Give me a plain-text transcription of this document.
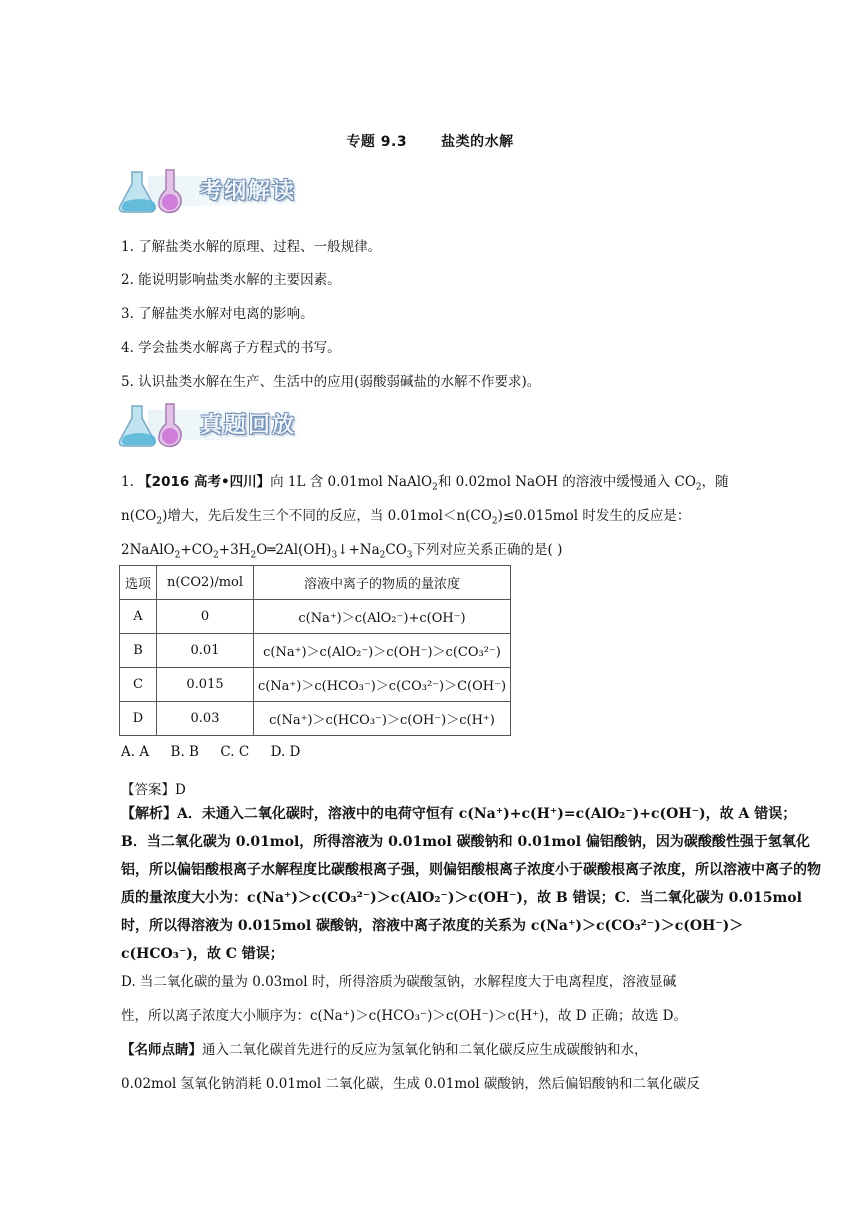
专题 9.3 盐类的水解
考纲解读
1. 了解盐类水解的原理、过程、一般规律。
2. 能说明影响盐类水解的主要因素。
3. 了解盐类水解对电离的影响。
4. 学会盐类水解离子方程式的书写。
5. 认识盐类水解在生产、生活中的应用(弱酸弱碱盐的水解不作要求)。
真题回放
1. 【2016 高考•四川】向 1L 含 0.01mol NaAlO$_2$和 0.02mol NaOH 的溶液中缓慢通入 $CO_2$，随
$n(CO_2)$增大，先后发生三个不同的反应，当 $0.01mol<n(CO_2)\le 0.015mol$ 时发生的反应是：
$2NaAlO_2+CO_2+3H_2O═2Al(OH)_3↓+Na_2CO_3$下列对应关系正确的是( )
选项	n(CO2)/mol	溶液中离子的物质的量浓度
A	0	c(Na⁺)＞c(AlO₂⁻)+c(OH⁻)
B	0.01	c(Na⁺)＞c(AlO₂⁻)＞c(OH⁻)＞c(CO₃²⁻)
C	0.015	c(Na⁺)＞c(HCO₃⁻)＞c(CO₃²⁻)＞C(OH⁻)
D	0.03	c(Na⁺)＞c(HCO₃⁻)＞c(OH⁻)＞c(H⁺)
A. A     B. B     C. C     D. D
【答案】D
【解析】A．未通入二氧化碳时，溶液中的电荷守恒有 c(Na⁺)+c(H⁺)=c(AlO₂⁻)+c(OH⁻)，故 A 错误；B．当二氧化碳为 0.01mol，所得溶液为 0.01mol 碳酸钠和 0.01mol 偏铝酸钠，因为碳酸酸性强于氢氧化铝，所以偏铝酸根离子水解程度比碳酸根离子强，则偏铝酸根离子浓度小于碳酸根离子浓度，所以溶液中离子的物质的量浓度大小为：c(Na⁺)＞c(CO₃²⁻)＞c(AlO₂⁻)＞c(OH⁻)，故 B 错误；C．当二氧化碳为 0.015mol 时，所以得溶液为 0.015mol 碳酸钠，溶液中离子浓度的关系为 c(Na⁺)＞c(CO₃²⁻)＞c(OH⁻)＞c(HCO₃⁻)，故 C 错误；
D. 当二氧化碳的量为 0.03mol 时，所得溶质为碳酸氢钠，水解程度大于电离程度，溶液显碱
性，所以离子浓度大小顺序为：c(Na⁺)＞c(HCO₃⁻)＞c(OH⁻)＞c(H⁺)，故 D 正确；故选 D。
【名师点睛】通入二氧化碳首先进行的反应为氢氧化钠和二氧化碳反应生成碳酸钠和水，
0.02mol 氢氧化钠消耗 0.01mol 二氧化碳，生成 0.01mol 碳酸钠，然后偏铝酸钠和二氧化碳反
